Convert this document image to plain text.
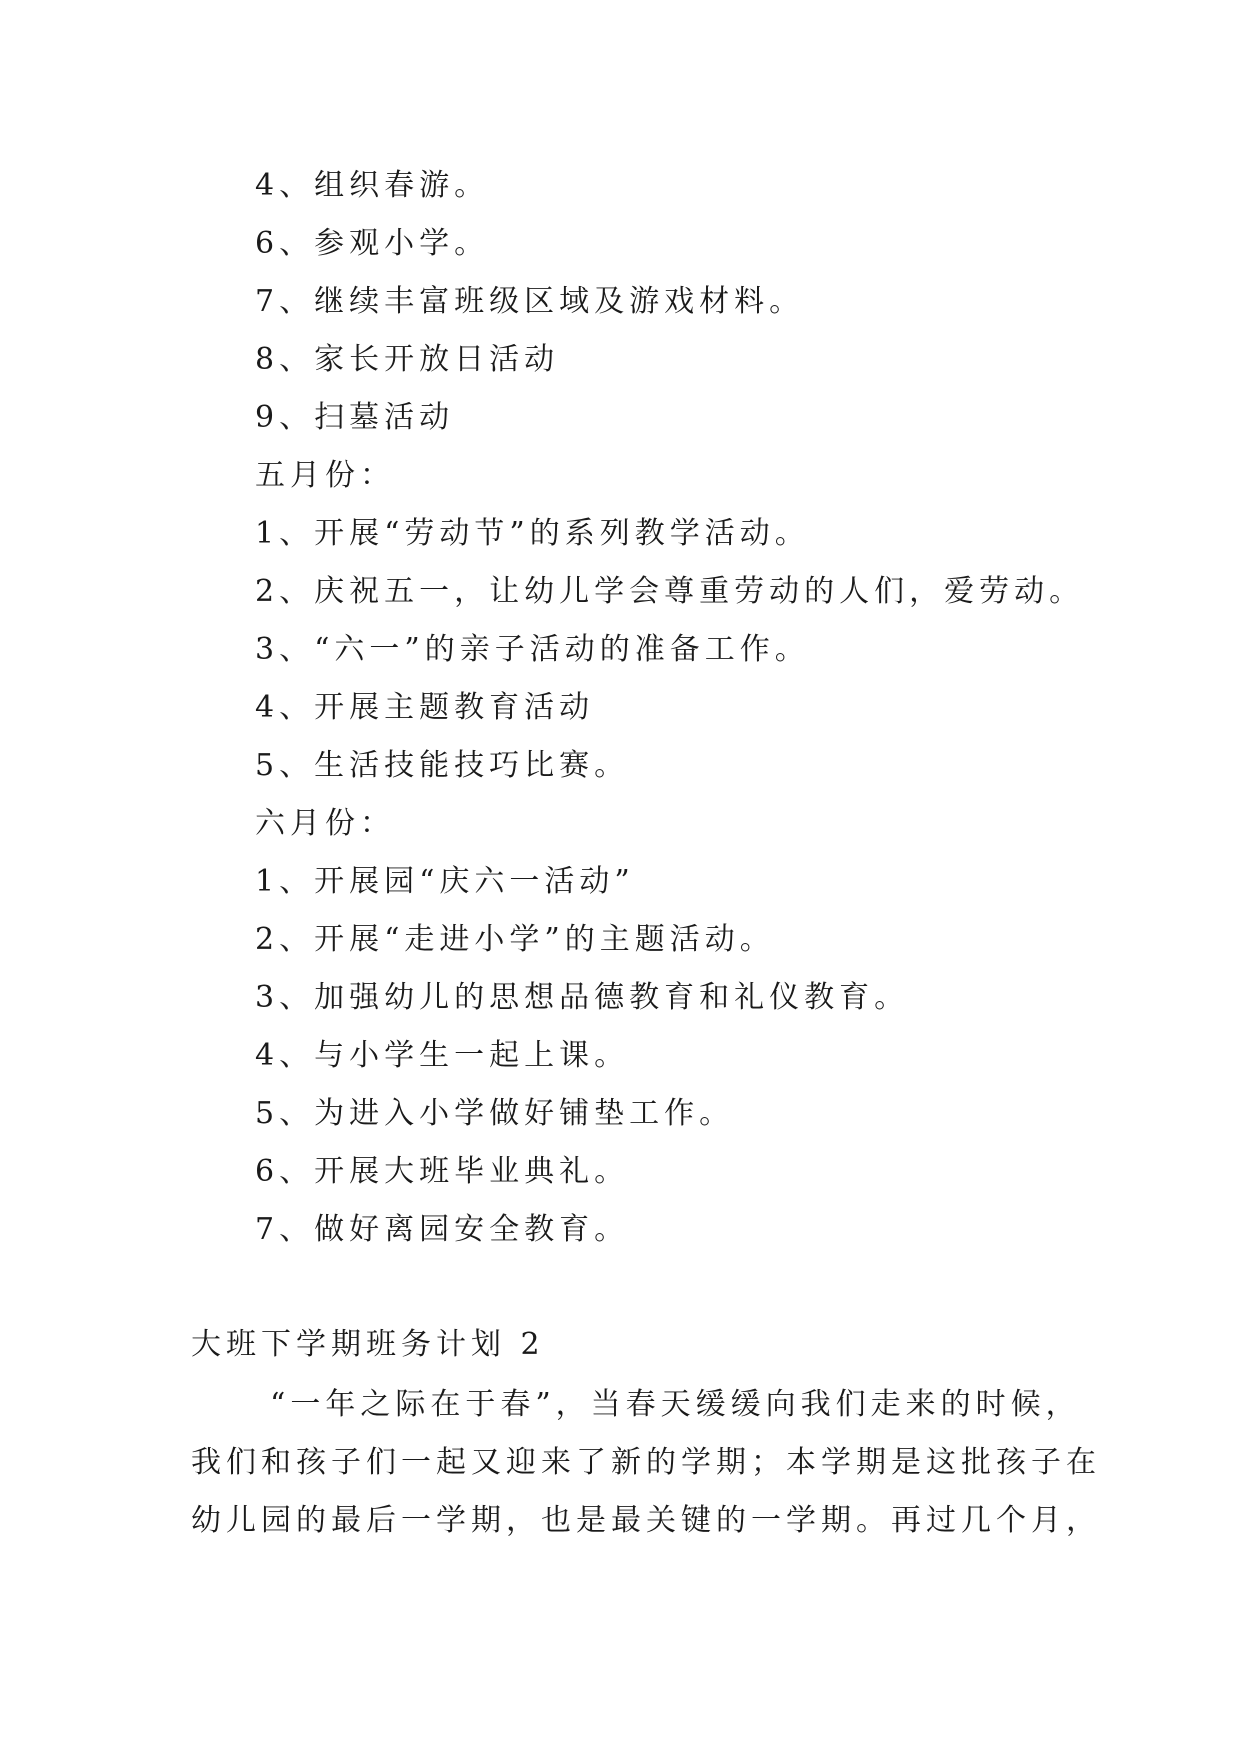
4、组织春游。
6、参观小学。
7、继续丰富班级区域及游戏材料。
8、家长开放日活动
9、扫墓活动
五月份：
1、开展“劳动节”的系列教学活动。
2、庆祝五一，让幼儿学会尊重劳动的人们，爱劳动。
3、“六一”的亲子活动的准备工作。
4、开展主题教育活动
5、生活技能技巧比赛。
六月份：
1、开展园“庆六一活动”
2、开展“走进小学”的主题活动。
3、加强幼儿的思想品德教育和礼仪教育。
4、与小学生一起上课。
5、为进入小学做好铺垫工作。
6、开展大班毕业典礼。
7、做好离园安全教育。
大班下学期班务计划 2
“一年之际在于春”，当春天缓缓向我们走来的时候，
我们和孩子们一起又迎来了新的学期；本学期是这批孩子在
幼儿园的最后一学期，也是最关键的一学期。再过几个月，
